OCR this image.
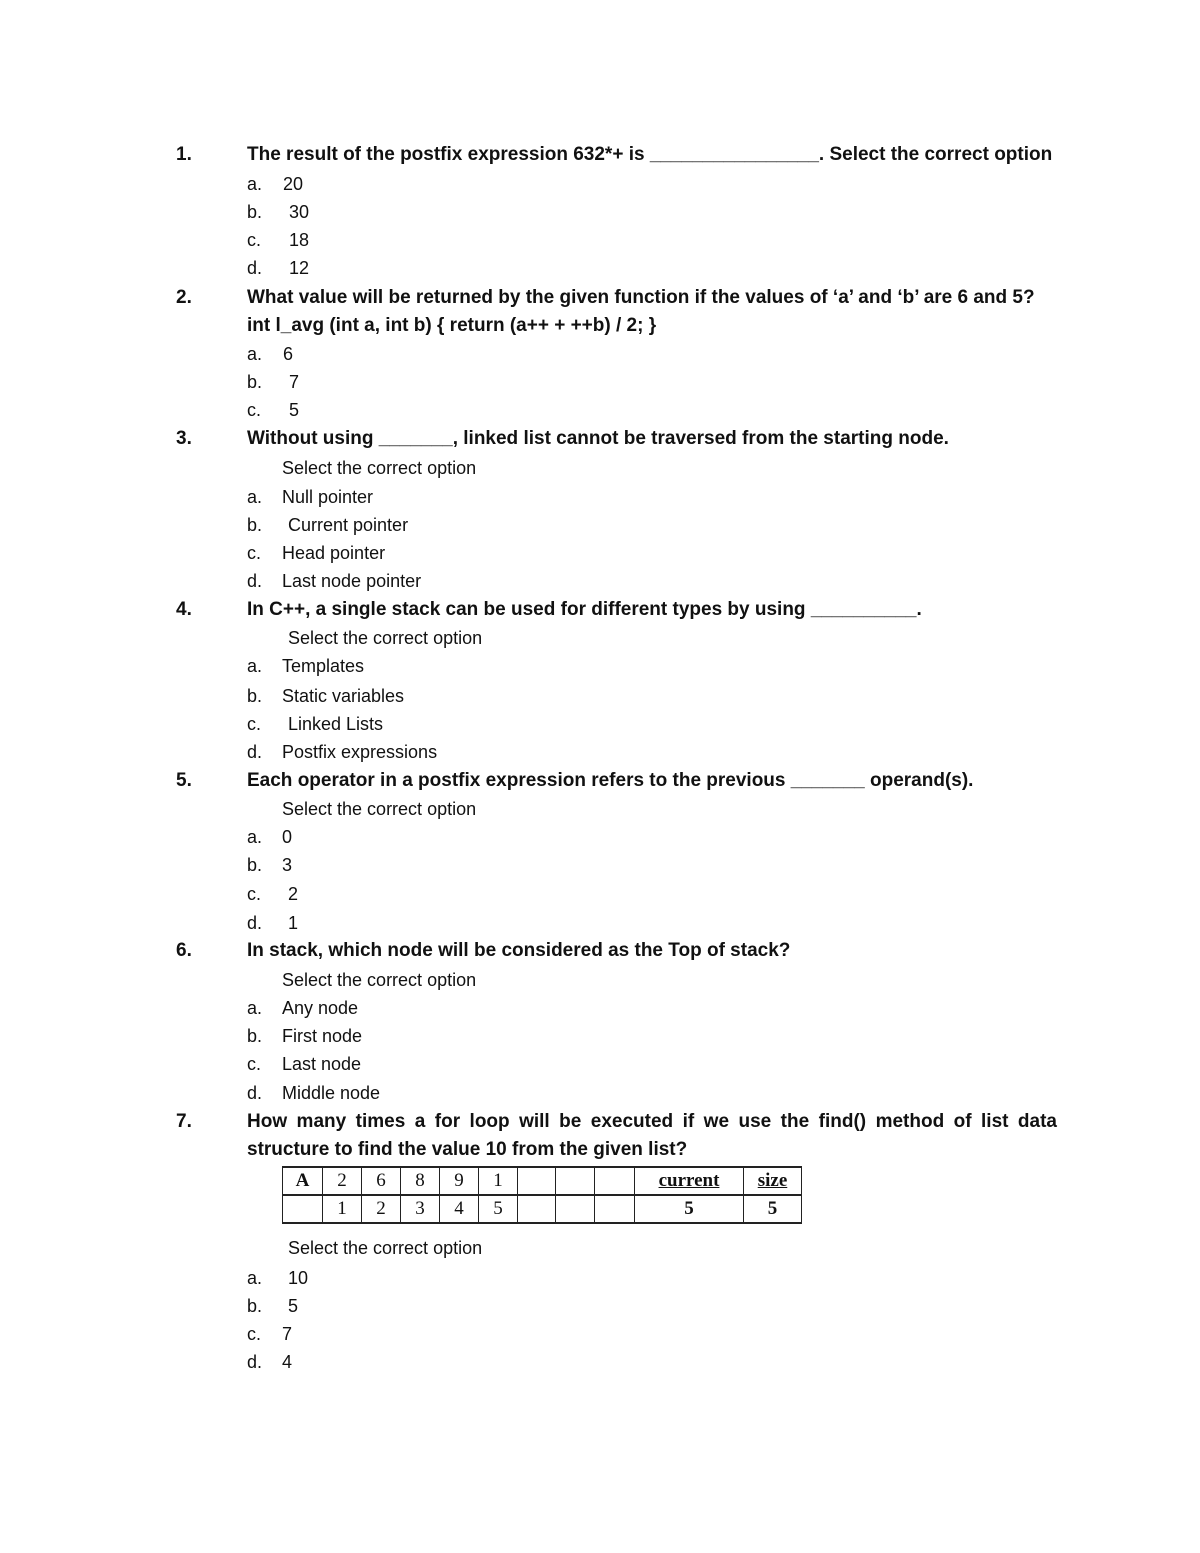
1.	The result of the postfix expression 632*+ is ________________. Select the correct option
a. 20
b. 30
c. 18
d. 12
2.	What value will be returned by the given function if the values of ‘a’ and ‘b’ are 6 and 5?
int l_avg (int a, int b) { return (a++ + ++b) / 2; }
a. 6
b. 7
c. 5
3.	Without using _______, linked list cannot be traversed from the starting node.
Select the correct option
a. Null pointer
b. Current pointer
c. Head pointer
d. Last node pointer
4.	In C++, a single stack can be used for different types by using __________.
Select the correct option
a. Templates
b. Static variables
c. Linked Lists
d. Postfix expressions
5.	Each operator in a postfix expression refers to the previous _______ operand(s).
Select the correct option
a. 0
b. 3
c. 2
d. 1
6.	In stack, which node will be considered as the Top of stack?
Select the correct option
a. Any node
b. First node
c. Last node
d. Middle node
7.	How many times a for loop will be executed if we use the find() method of list data structure to find the value 10 from the given list?
A	2	6	8	9	1				current	size
	1	2	3	4	5				5	5
Select the correct option
a. 10
b. 5
c. 7
d. 4
